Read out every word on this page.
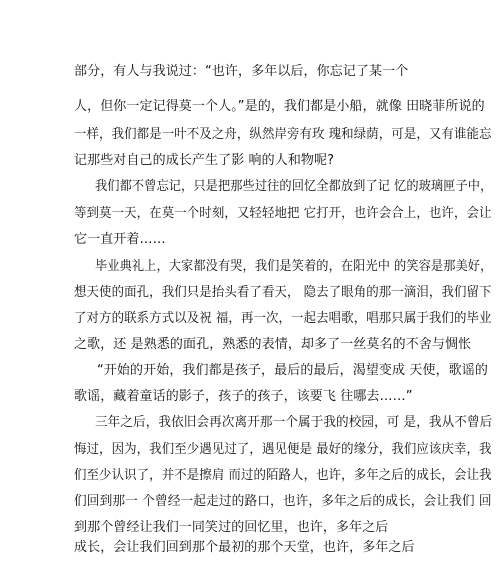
部分，有人与我说过：“也许，多年以后，你忘记了某一个
人，但你一定记得莫一个人。”是的，我们都是小船，就像 田晓菲所说的
一样，我们都是一叶不及之舟，纵然岸旁有玫 瑰和绿荫，可是，又有谁能忘
记那些对自己的成长产生了影 响的人和物呢?
我们都不曾忘记，只是把那些过往的回忆全都放到了记 忆的玻璃匣子中，
等到莫一天，在莫一个时刻，又轻轻地把 它打开，也许会合上，也许，会让
它一直开着……
毕业典礼上，大家都没有哭，我们是笑着的，在阳光中 的笑容是那美好，
想天使的面孔，我们只是抬头看了看天， 隐去了眼角的那一滴泪，我们留下
了对方的联系方式以及祝 福，再一次，一起去唱歌，唱那只属于我们的毕业
之歌，还 是熟悉的面孔，熟悉的表情，却多了一丝莫名的不舍与惆怅
“开始的开始，我们都是孩子，最后的最后，渴望变成 天使，歌谣的
歌谣，藏着童话的影子，孩子的孩子，该要飞 往哪去……”
三年之后，我依旧会再次离开那一个属于我的校园，可 是，我从不曾后
悔过，因为，我们至少遇见过了，遇见便是 最好的缘分，我们应该庆幸，我
们至少认识了，并不是擦肩 而过的陌路人，也许，多年之后的成长，会让我
们回到那一 个曾经一起走过的路口，也许，多年之后的成长，会让我们 回
到那个曾经让我们一同笑过的回忆里，也许，多年之后
成长，会让我们回到那个最初的那个天堂，也许，多年之后
